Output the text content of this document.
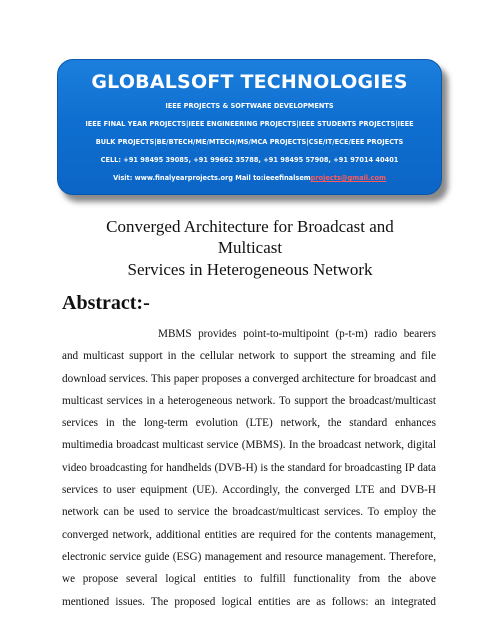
GLOBALSOFT TECHNOLOGIES
IEEE PROJECTS & SOFTWARE DEVELOPMENTS
IEEE FINAL YEAR PROJECTS|IEEE ENGINEERING PROJECTS|IEEE STUDENTS PROJECTS|IEEE
BULK PROJECTS|BE/BTECH/ME/MTECH/MS/MCA PROJECTS|CSE/IT/ECE/EEE PROJECTS
CELL: +91 98495 39085, +91 99662 35788, +91 98495 57908, +91 97014 40401
Visit: www.finalyearprojects.org Mail to:ieeefinalsemprojects@gmail.com
Converged Architecture for Broadcast and
Multicast
Services in Heterogeneous Network
Abstract:-
MBMS provides point-to-multipoint (p-t-m) radio bearers
and multicast support in the cellular network to support the streaming and file
download services. This paper proposes a converged architecture for broadcast and
multicast services in a heterogeneous network. To support the broadcast/multicast
services in the long-term evolution (LTE) network, the standard enhances
multimedia broadcast multicast service (MBMS). In the broadcast network, digital
video broadcasting for handhelds (DVB-H) is the standard for broadcasting IP data
services to user equipment (UE). Accordingly, the converged LTE and DVB-H
network can be used to service the broadcast/multicast services. To employ the
converged network, additional entities are required for the contents management,
electronic service guide (ESG) management and resource management. Therefore,
we propose several logical entities to fulfill functionality from the above
mentioned issues. The proposed logical entities are as follows: an integrated
